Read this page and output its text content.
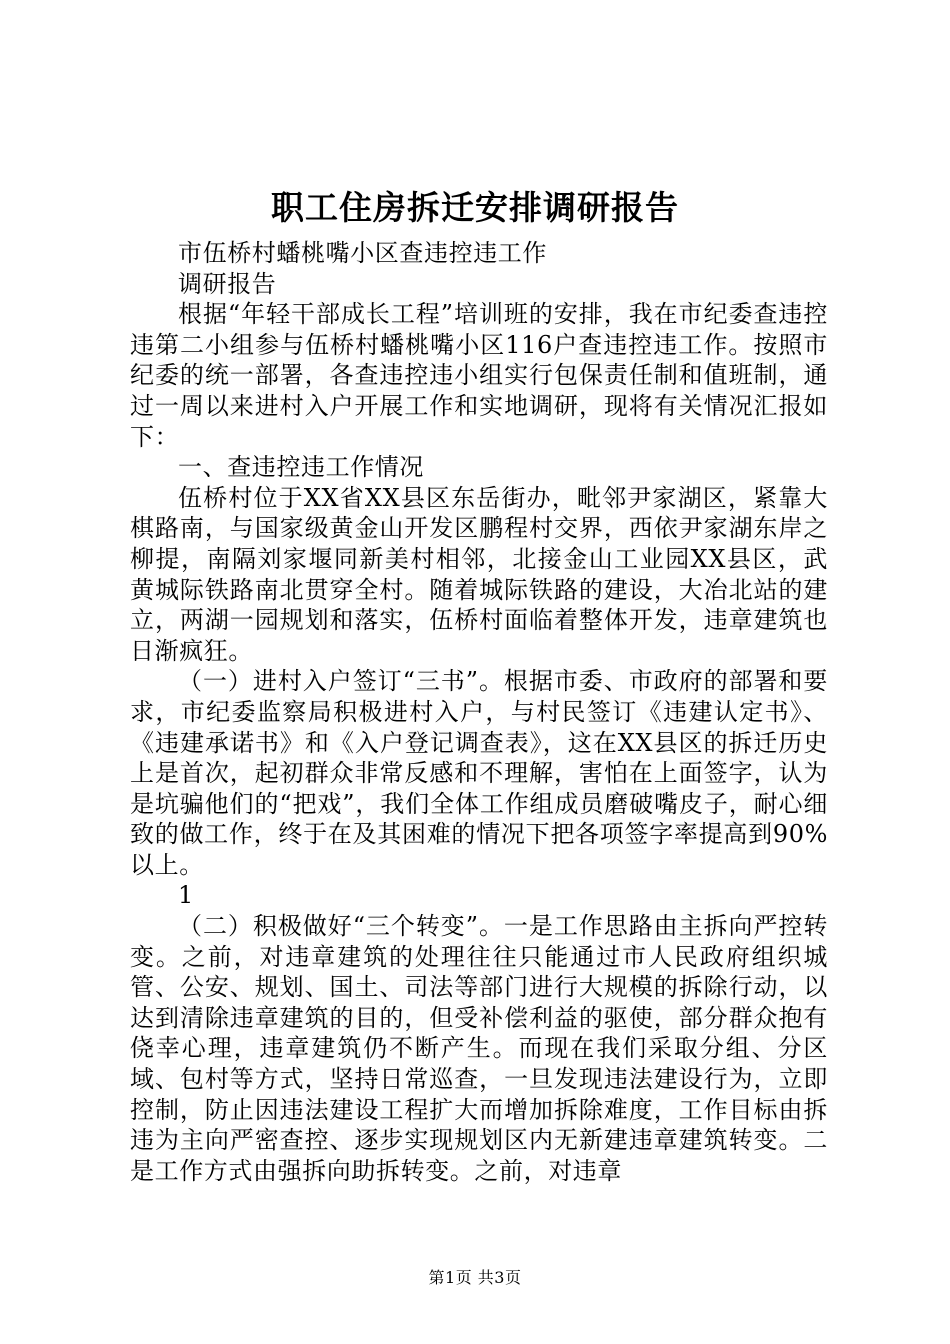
职工住房拆迁安排调研报告

市伍桥村蟠桃嘴小区查违控违工作

调研报告

根据“年轻干部成长工程”培训班的安排，我在市纪委查违控违第二小组参与伍桥村蟠桃嘴小区116户查违控违工作。按照市纪委的统一部署，各查违控违小组实行包保责任制和值班制，通过一周以来进村入户开展工作和实地调研，现将有关情况汇报如下：

一、查违控违工作情况

伍桥村位于XX省XX县区东岳街办，毗邻尹家湖区，紧靠大棋路南，与国家级黄金山开发区鹏程村交界，西依尹家湖东岸之柳提，南隔刘家堰同新美村相邻，北接金山工业园XX县区，武黄城际铁路南北贯穿全村。随着城际铁路的建设，大冶北站的建立，两湖一园规划和落实，伍桥村面临着整体开发，违章建筑也日渐疯狂。

（一）进村入户签订“三书”。根据市委、市政府的部署和要求，市纪委监察局积极进村入户，与村民签订《违建认定书》、《违建承诺书》和《入户登记调查表》，这在XX县区的拆迁历史上是首次，起初群众非常反感和不理解，害怕在上面签字，认为是坑骗他们的“把戏”，我们全体工作组成员磨破嘴皮子，耐心细致的做工作，终于在及其困难的情况下把各项签字率提高到90%以上。

1

（二）积极做好“三个转变”。一是工作思路由主拆向严控转变。之前，对违章建筑的处理往往只能通过市人民政府组织城管、公安、规划、国土、司法等部门进行大规模的拆除行动，以达到清除违章建筑的目的，但受补偿利益的驱使，部分群众抱有侥幸心理，违章建筑仍不断产生。而现在我们采取分组、分区域、包村等方式，坚持日常巡查，一旦发现违法建设行为，立即控制，防止因违法建设工程扩大而增加拆除难度，工作目标由拆违为主向严密查控、逐步实现规划区内无新建违章建筑转变。二是工作方式由强拆向助拆转变。之前，对违章

第1页 共3页
